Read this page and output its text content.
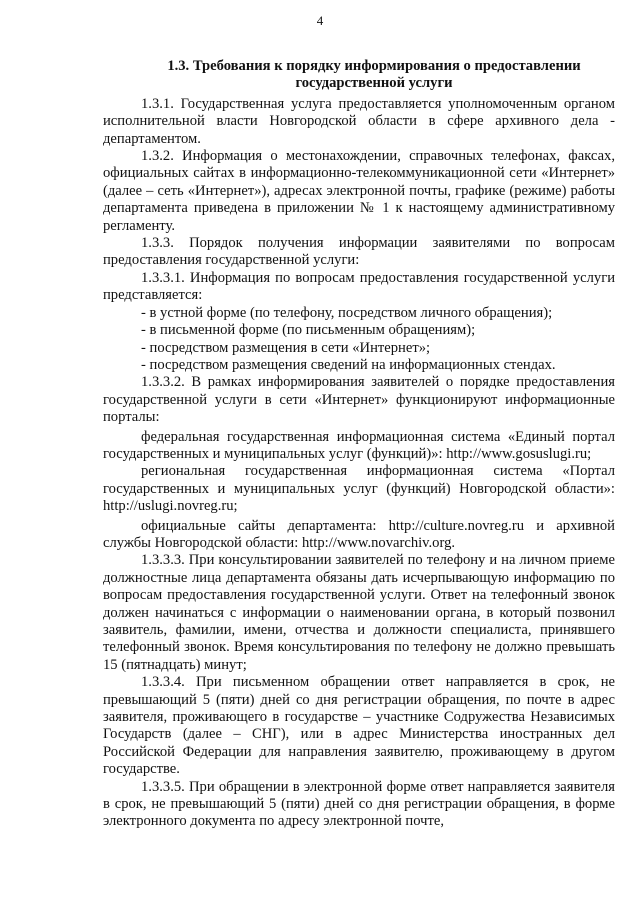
4
1.3. Требования к порядку информирования о предоставлении государственной услуги

1.3.1. Государственная услуга предоставляется уполномоченным органом исполнительной власти Новгородской области в сфере архивного дела - департаментом.

1.3.2. Информация о местонахождении, справочных телефонах, факсах, официальных сайтах в информационно-телекоммуникационной сети «Интернет» (далее – сеть «Интернет»), адресах электронной почты, графике (режиме) работы департамента приведена в приложении № 1 к настоящему административному регламенту.

1.3.3. Порядок получения информации заявителями по вопросам предоставления государственной услуги:

1.3.3.1. Информация по вопросам предоставления государственной услуги представляется:

- в устной форме (по телефону, посредством личного обращения);

- в письменной форме (по письменным обращениям);

- посредством размещения в сети «Интернет»;

- посредством размещения сведений на информационных стендах.

1.3.3.2. В рамках информирования заявителей о порядке предоставления государственной услуги в сети «Интернет» функционируют информационные порталы:

федеральная государственная информационная система «Единый портал государственных и муниципальных услуг (функций)»: http://www.gosuslugi.ru;

региональная государственная информационная система «Портал государственных и муниципальных услуг (функций) Новгородской области»: http://uslugi.novreg.ru;

официальные сайты департамента: http://culture.novreg.ru и архивной службы Новгородской области: http://www.novarchiv.org.

1.3.3.3. При консультировании заявителей по телефону и на личном приеме должностные лица департамента обязаны дать исчерпывающую информацию по вопросам предоставления государственной услуги. Ответ на телефонный звонок должен начинаться с информации о наименовании органа, в который позвонил заявитель, фамилии, имени, отчества и должности специалиста, принявшего телефонный звонок. Время консультирования по телефону не должно превышать 15 (пятнадцать) минут;

1.3.3.4. При письменном обращении ответ направляется в срок, не превышающий 5 (пяти) дней со дня регистрации обращения, по почте в адрес заявителя, проживающего в государстве – участнике Содружества Независимых Государств (далее – СНГ), или в адрес Министерства иностранных дел Российской Федерации для направления заявителю, проживающему в другом государстве.

1.3.3.5. При обращении в электронной форме ответ направляется заявителя в срок, не превышающий 5 (пяти) дней со дня регистрации обращения, в форме электронного документа по адресу электронной почте,
